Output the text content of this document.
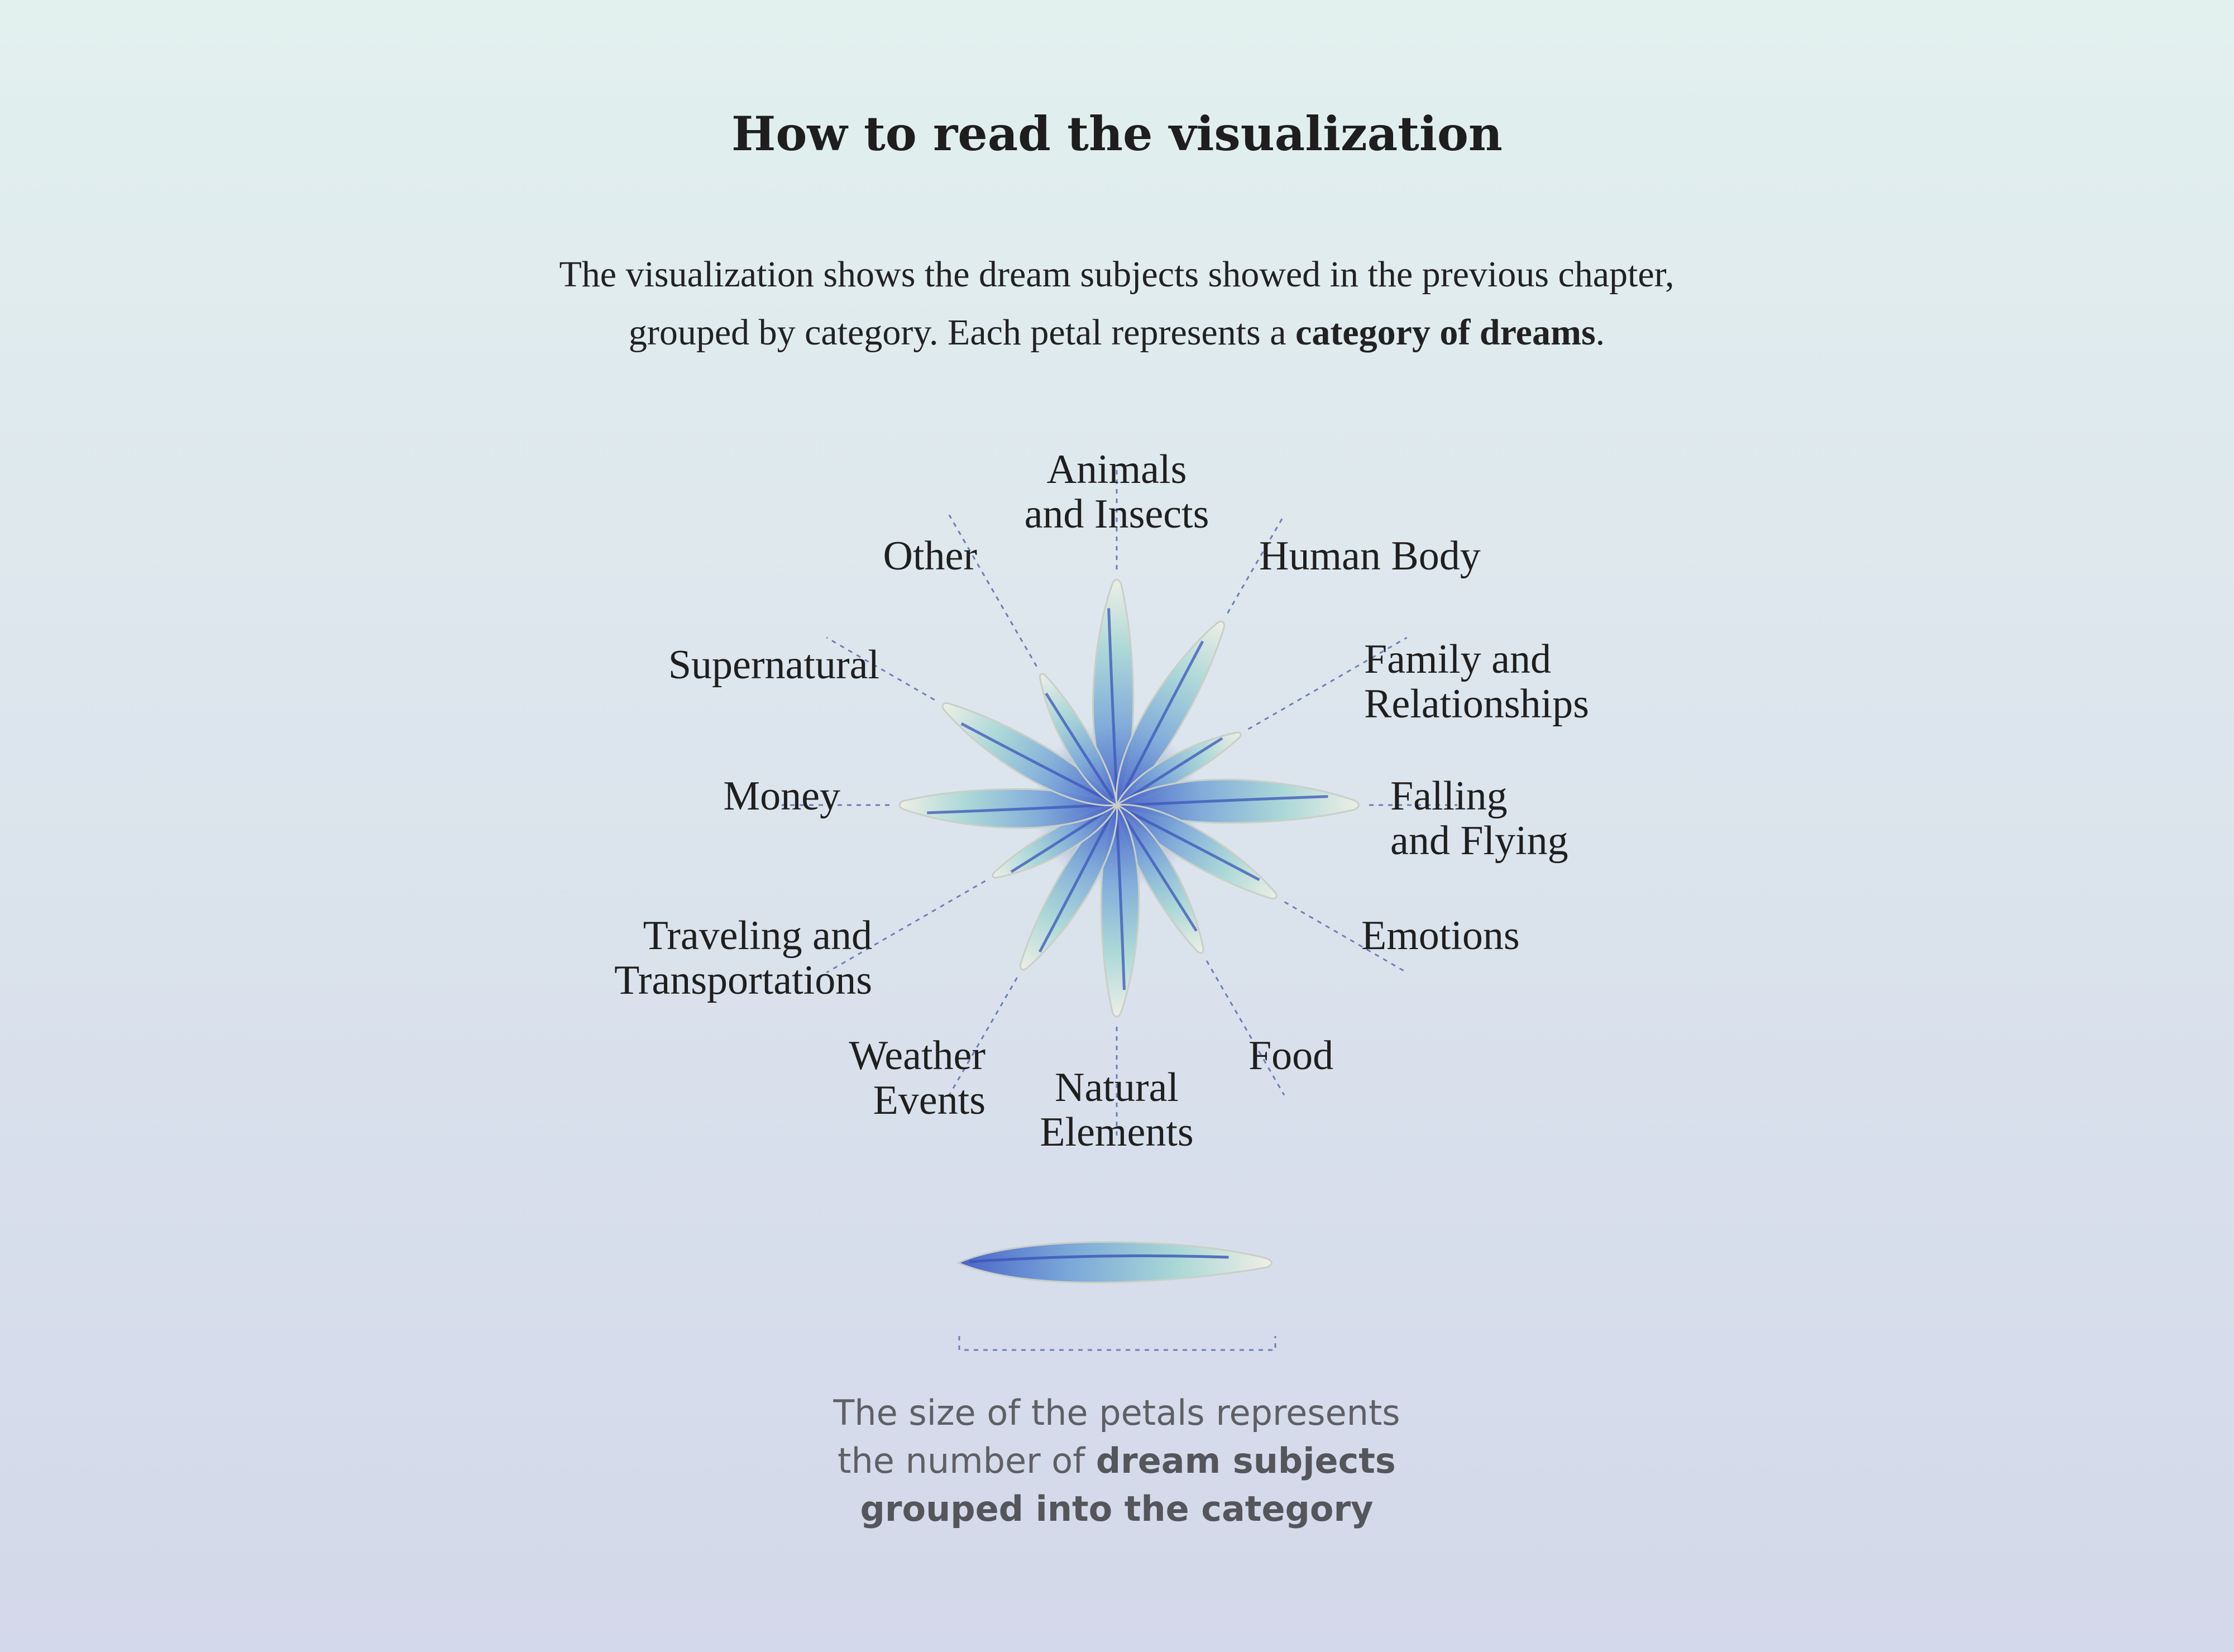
How to read the visualization

The visualization shows the dream subjects showed in the previous chapter,
grouped by category. Each petal represents a category of dreams.

Animals and Insects
Human Body
Family and Relationships
Falling and Flying
Emotions
Food
Natural Elements
Weather Events
Traveling and Transportations
Money
Supernatural
Other

The size of the petals represents
the number of dream subjects
grouped into the category
